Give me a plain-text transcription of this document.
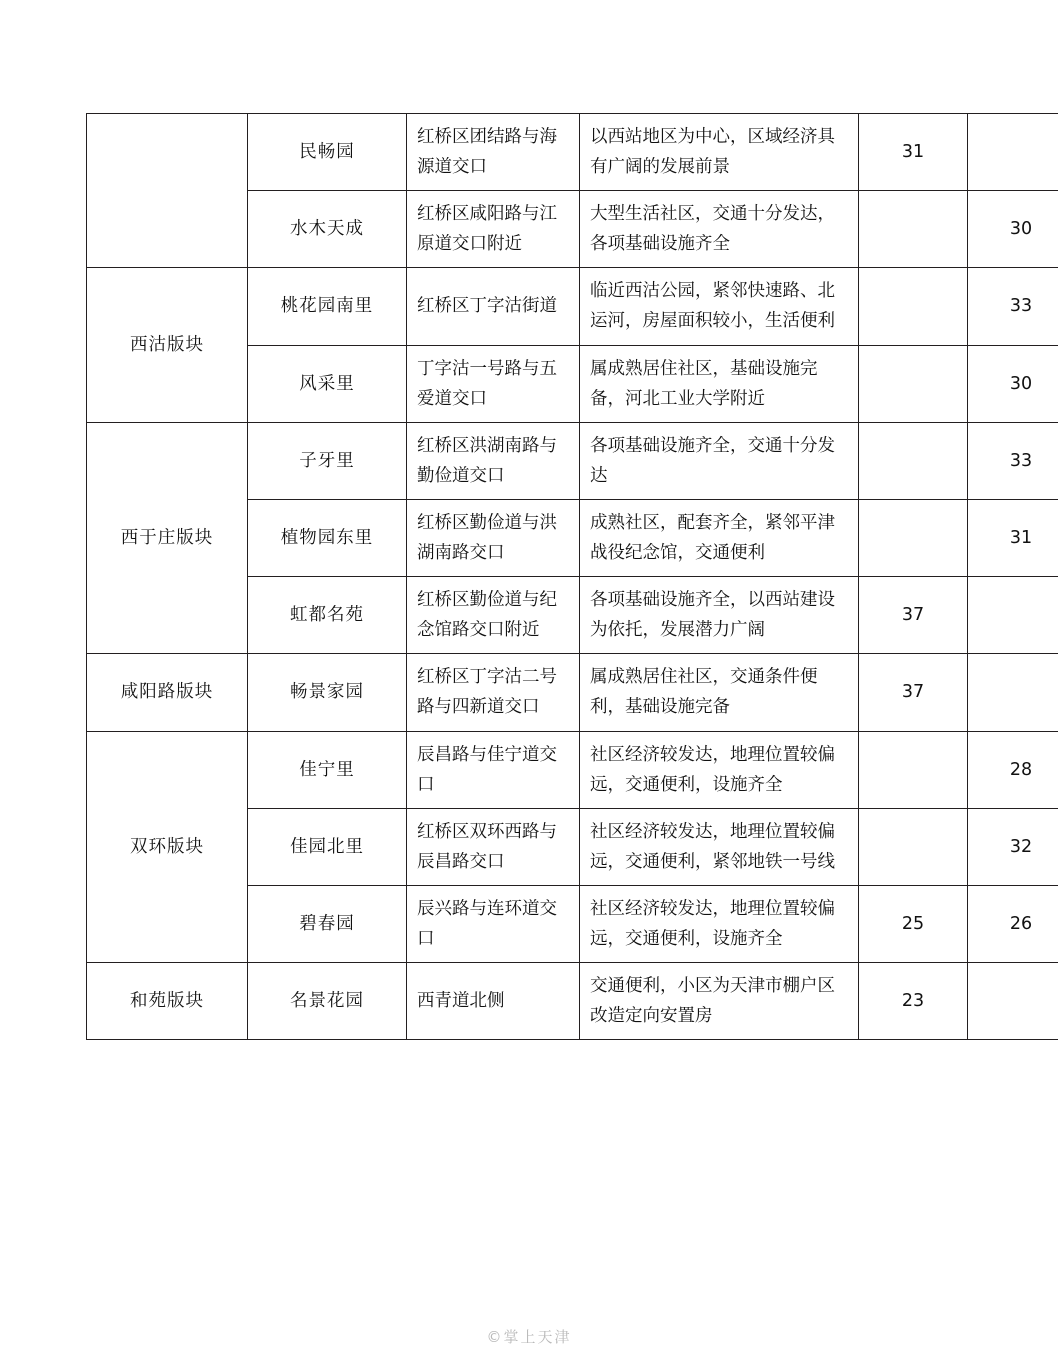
	民畅园	红桥区团结路与海源道交口	以西站地区为中心，区域经济具有广阔的发展前景	31	
	水木天成	红桥区咸阳路与江原道交口附近	大型生活社区，交通十分发达，各项基础设施齐全		30
西沽版块	桃花园南里	红桥区丁字沽街道	临近西沽公园，紧邻快速路、北运河，房屋面积较小，生活便利		33
	风采里	丁字沽一号路与五爱道交口	属成熟居住社区，基础设施完备，河北工业大学附近		30
西于庄版块	子牙里	红桥区洪湖南路与勤俭道交口	各项基础设施齐全，交通十分发达		33
	植物园东里	红桥区勤俭道与洪湖南路交口	成熟社区，配套齐全，紧邻平津战役纪念馆，交通便利		31
	虹都名苑	红桥区勤俭道与纪念馆路交口附近	各项基础设施齐全，以西站建设为依托，发展潜力广阔	37	
咸阳路版块	畅景家园	红桥区丁字沽二号路与四新道交口	属成熟居住社区，交通条件便利，基础设施完备	37	
双环版块	佳宁里	辰昌路与佳宁道交口	社区经济较发达，地理位置较偏远，交通便利，设施齐全		28
	佳园北里	红桥区双环西路与辰昌路交口	社区经济较发达，地理位置较偏远，交通便利，紧邻地铁一号线		32
	碧春园	辰兴路与连环道交口	社区经济较发达，地理位置较偏远，交通便利，设施齐全	25	26
和苑版块	名景花园	西青道北侧	交通便利，小区为天津市棚户区改造定向安置房	23	
©掌上天津
